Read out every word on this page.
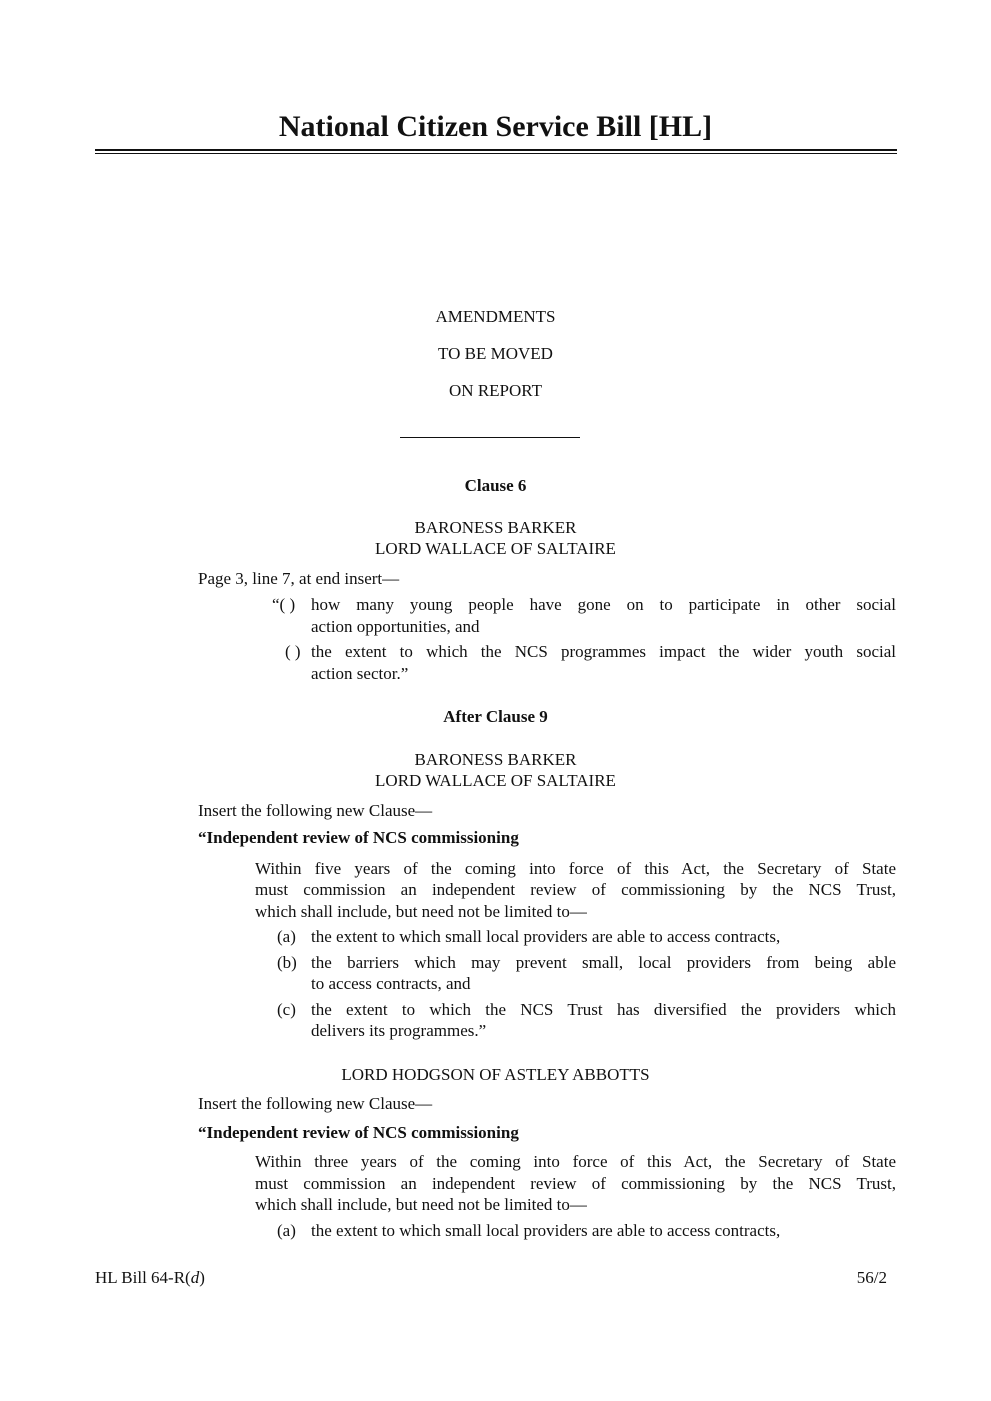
National Citizen Service Bill [HL]
AMENDMENTS
TO BE MOVED
ON REPORT
Clause 6
BARONESS BARKER
LORD WALLACE OF SALTAIRE
Page 3, line 7, at end insert—
“( ) how many young people have gone on to participate in other social
action opportunities, and
( ) the extent to which the NCS programmes impact the wider youth social
action sector.”
After Clause 9
BARONESS BARKER
LORD WALLACE OF SALTAIRE
Insert the following new Clause—
“Independent review of NCS commissioning
Within five years of the coming into force of this Act, the Secretary of State
must commission an independent review of commissioning by the NCS Trust,
which shall include, but need not be limited to—
(a) the extent to which small local providers are able to access contracts,
(b) the barriers which may prevent small, local providers from being able
to access contracts, and
(c) the extent to which the NCS Trust has diversified the providers which
delivers its programmes.”
LORD HODGSON OF ASTLEY ABBOTTS
Insert the following new Clause—
“Independent review of NCS commissioning
Within three years of the coming into force of this Act, the Secretary of State
must commission an independent review of commissioning by the NCS Trust,
which shall include, but need not be limited to—
(a) the extent to which small local providers are able to access contracts,
HL Bill 64-R(d)	56/2
